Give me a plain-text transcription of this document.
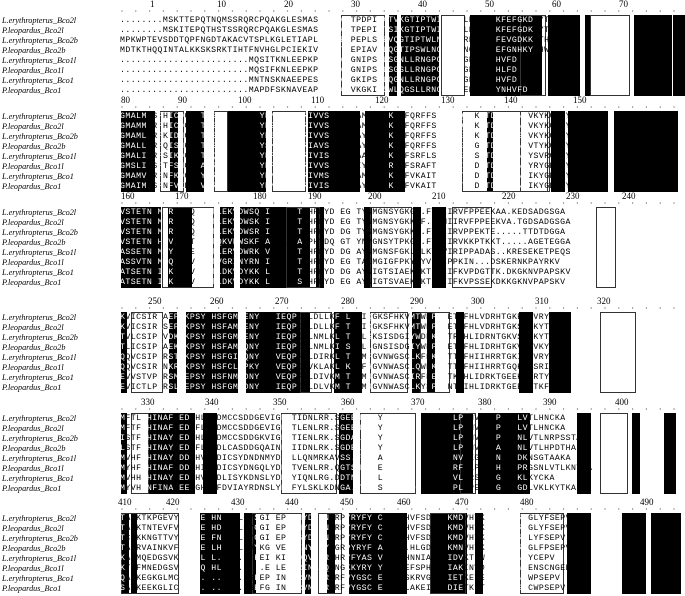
1	10	20	30	40	50	60	70
L.erythropterus_Bco2l	........MSKTTEPQTNQMSSRQRCPQAKGLESMASLVRSVETPDPIPATVKGTIPTWINGSFLRNGPGKFEFGKDKYTHWFD
P.leopardus_Bco2l	........MSKITEPQTHSTSSRQRCPQAKGLESMASLVRSVETPEPIPTSIKGTIPTWINGSFLRNGPGKFEFGDKKYTHWFD
L.erythropterus_Bco2b	MPKWPTEVSDDTQPFNGDTAKACVTSPLKGLETIAPLVRSVETPEPLSTEVQGTIPTWLNGSFLRNGPGKFEVGDKKYTHWFD
P.leopardus_Bco2b	MDTKTHQQINTALKKSKSRKTIHTFNVHGLPCIEKIVRSVETPEPIAVTLQGTIPSWLNGSFLRNGPGKFEFGNHKYNHWFD
L.erythropterus_Bco1l	........................MQSITKNLEEPKPVKAQVKGNIPSWLSGNLLRNGPGMFEMGDRSYNHVFD
P.leopardus_Bco1l	........................MQSIFKNLEEPKPVKAQVKGNIPSWLSGSLLRNGPGMFEMGEETYNHLFD
L.erythropterus_Bco1	........................MNTNSKNAEEPESVKAQVKGKIPSWLQGNLLRNGPGIFEMGDTAYNHVFD
P.leopardus_Bco1	........................MAPDFSKNAVEAPEPCKAKVKGKIPSWLQGSLLRNGPGLFEMGDTSYNHVFD
80	90	100	110	120	130	140	150
L.erythropterus_Bco2l	GMALMHSFHICDGDVTYSSRFLRSDSYKNNSEKNRIVVSEFGTLAMPDPCKNIFQRFFSRF..QIPKATDNASVNFVKYKGDYY
P.leopardus_Bco2l	GMAMMHRFHICDGDVTYSSRFLRSDSYKENSERNRIVVSEFGTLAMPDPCKNIFQRFFSRF..QIPKATDNASVNFVKYKGDYY
L.erythropterus_Bco2b	GMAMLHRFKIDNGEVTYSSRFLRSDAYKSNSEKNRIVVSEFGTLAYPDPCKNIFQRFFSRF..EMKKPTDNASVSFVKYKGDYY
P.leopardus_Bco2b	GMALLHRFQISNGKVTYSSRFLRSDSYSKNCEKNRIAVSEFGTLAYPDPCKNIFQRFFSRL..EVTGSTDNTSVNFVTYKGDYY
L.erythropterus_Bco1l	GMALIHRFSIKDGKVTYQSRFLKSDTYKRNSKHNRIVISEFGTKAAPDPCKNIFSRFLSLF..ELNSSTDNALINIYSVRGDFY
P.leopardus_Bco1l	GMSLIHSFTFSNGEVAYRSKFLKSDTYKRNIKADRIVVSEFGTMIYPDPSRNIFSRAFTHLSNIIPDTTDNCNINIYRYGDDYY
L.erythropterus_Bco1	GMAMVHRFNFKDGKMYHRSRFLKSDTYKNMAANNRIVMSEFGTLAMPDPCKNIFVKAITFLNHTVPDFTDNGASNFIKYGDDYY
P.leopardus_Bco1	GMAIMHSFNFVKDGKVHRSRFLKSDTYKNMAANNRIVISEFGTMAYPDPCKNIFVKAITFLNHTVPDFTDNGASNFIKYGDDYY
160	170	180	190	200	210	220	230	240
L.erythropterus_Bco2l	VSTETNYMRRVDPQSLETLEKVDWSQYIAVNSATAHPHYDREGATYNMGNSYGKGF.FYNIIRVFPPEEKAA.KEDSADGSGA
P.leopardus_Bco2l	VSTETNYMRRVDPQSLETLEKVDWSKFIAVNSATAHPHYDREGATYNMGNSYGKKGF.FYNIIRVFPPEEKVA.TGDSADGSGA
L.erythropterus_Bco2b	VSTETNFMHRVNPQSLETLEKVDWSRSIAVNSATAHPHYDPDGTTYNMGNSYGKK..FYNIIRVPPEKTE.....TTDTDGGA
P.leopardus_Bco2b	VSTETNMHKVDPETLETTQKVDWSKFIAVNLATAHPHYDQDGTTYNMGNSYTPKGA.FYNIIRVKKPTKKT.....AGETEGGA
L.erythropterus_Bco1l	ASSETNYMNYIDPETLETLERVDWRKYVAVNGATAHPHYDPDGTAYNMGNSFGKLGLKYNVIRIPPADAS..KRESEKETPEQS
P.leopardus_Bco1l	ASSVTNYMVQIDPVTLETVGRINYRNHIAVNLATAHPHYDREGVTAIMGIGFPKYFYVIRIPPKIN...DSKERNKPAYRKV
L.erythropterus_Bco1	ATSETNYIRKIDPVTLETLDKVDYKKYLPVNSATAHPHYDSDGSAYNIGTSIAEKGKTKYIIFKVPDGTTK.DKGKNVPAPSKV
P.leopardus_Bco1	ATSETNYIRKIDPVTLETLDKVDYKKYLPVNLASSHPHYDKEGSAYNIGTSVAEKGKTKYIIFKVPSSEKDKKGKNVPAPSKV
250	260	270	280	290	300	310	320
L.erythropterus_Bco2l	KVICSIRAAEPRKPSYYHSFGMSENYIVFIEQPIKLDLLKFMLYRIQGKSFHKVMTWEPQYETRFHLVDRHTGKESEVRYRAAP
P.leopardus_Bco2l	KVICSIRASEPRKPSYYHSFAMSENYIVFIEQPIKLDLLKFMTYRIQGKSFHKVMTWEPQYETRFHLVDRHTGKSKVKYTAAP
L.erythropterus_Bco2b	TVLCSIPSVDKSKPSYYHSFGMSENYIVFIEQPIKLNMLKLVTGKLSKSISDGIYWDPKNLTRFHLIDRNTGKVSSVKYTSK
P.leopardus_Bco2b	TLICSIPVAEKSKPSYYHSFAMSQNYIVFIEQPIKLNMLKILSGRLLGNSISDGIYWDPKNETRFHLIDRHTGKVSSVKYFAKP
L.erythropterus_Bco1l	QQVCSIPFRSTLKPSYYHSFGITQNYIIFVEQPFKLDIRKLATAYMFGVNWGSCLKFDKDETTHFHIIHRRTGKIKKVRYGDA
P.leopardus_Bco1l	QQVCSIRSNKRLKPSYYHSFCLTPKYIIFVEQPIVVKLAKLVKAYFHGVNWASCLQWDKNETTRFHIIHRRTGQKVVSRIYEA
L.erythropterus_Bco1	EVVSTVPCRSMLEPSYYHSFNMTDNYFIFVEQPFKLDIVKMATAYMRGVNWASCIRFDEENTKIHLIDRKTGEEKVKRTYTA
P.leopardus_Bco1	EVICTLPCRSLLEPSYYHSFGMTDNYFIFIEQPIKLDLVKMATAYMRGVNWASCLKYSPEENTKIHLIDRKTGEEVETKFTEA
330	340	350	360	370	380	390	400
L.erythropterus_Bco2l	MFTLHHINAFEEDGHLVMDMCCSDDGEVIGDFTIDNLRR.SGEEMDKFYNSLCRNLLPRRYVLPLNVDETPTQNLVTLHNCKA
P.leopardus_Bco2l	MFTFHHINAFEEDGFLIMDMCCSDDGEVIGDFTLENLRR.SGEEMDKFYNSLCRNLLPRRYVLPLNVDETPTQNLVTLHNCKA
L.erythropterus_Bco2b	ISTFHHINAYEEDGHLVMDMCCSDDGKVIGDFTIENLRK.SGDALDEVYNTLCRVFPPRRFVLPLNVSTEPIGQNLVTLNRPSSTA
P.leopardus_Bco2b	LSTFHHINAYEEDGFLVIDLCASDDGQAINNYIIDNLRK.SGDELSQVYNTLCRNFLPRRFVLPLNVAKEAPTQNLVTLHPDTHA
L.erythropterus_Bco1l	MVHFHHINAYEDDGHVVFDICSYDNDNMYDLYLLQNMRKAVSS.FEESAKTRPSFRRFVLPLNVAEGMTQNLVPDKNSGTAAKA
P.leopardus_Bco1l	MYHFHHINAFEDDGHIVFDICSYDNGQLYDNYTVENLRR.QGTSN.FIESNKHFSPSPVCQRRFVLPASVHKDSPRGSNLVTLKNTKA
L.erythropterus_Bco1	MVHHNHINAYEEDGHVVFDLISYKDNSLYDMFYIQNLRG.DDTN.FDVLNNKNYSPVCQRRFVLPRSNAEGDLVKLKYCKA
P.leopardus_Bco1	MYVHHNFINAYEEDGHVIFDVIAYRDNSLYDMFYLSKLKDNGA.YHDDSYSKSPVCQRRFVLPLVPESDKGVAVGDLVKLKYTKA
410	420	430	440	450	460	470	480	490
L.erythropterus_Bco2l	TAKKTKPGEVYMTHEELHNDELLQYSGIQEPAINYDQYNGRPYRYFYACGFG.HVFSDSLIKMDVHTKELKVWYRPGLYFSEPV
P.leopardus_Bco2l	TAKKTNTEVFVMTHEELHDDELLQYGGIQEPAINYDQYNGRPYRYFYACGFG.HVFSDSLIKMDVHTKELKVWYRPGLYFSEPV
L.erythropterus_Bco2b	TCLKKNGTTVYCLHEELFNDELLQYCGIVEPSIGYDQYNGRPYRYFYACGFG.HVFSDSLIKMDVHTKEVKIWQRGLYFSEPV
P.leopardus_Bco2b	TAKRVAINKVFVCTHEELHREDLHHYKGIVEPSINYDQYNGRPYRYFYACGFG.HLGDSLIKMNVHTKEAKWMYRPGLFPSEPV
L.erythropterus_Bco1l	KAVMQEDGSVKVCQYLFL.......FEIPKINYDQVNGRKHRYFYASGVEYSPHNNIAKINIDVKTRWEYKNNENQYCEPV
P.leopardus_Bco1l	KTRFMNEDGSVKVSCQLHLFH......EGLEEPRINYAQYNGKKYRYFYGCGVEFSPHNNKIAKINVDIKTLQVWQENSCNGEPV
L.erythropterus_Bco1	QAVKEGKGLMCQSEV........PGLEPAINYDRVNGKRHRFVYGSCVEESALSKRVGKINIETKETEMLYSEDNCWPSEPV
P.leopardus_Bco1	SAVKEEKGLICQAEL........EGEFGPINYDRVNGKRHRFVYGSCVEESADLAKEIAKIDIETKETEKVSSEGNCWPSEPV
